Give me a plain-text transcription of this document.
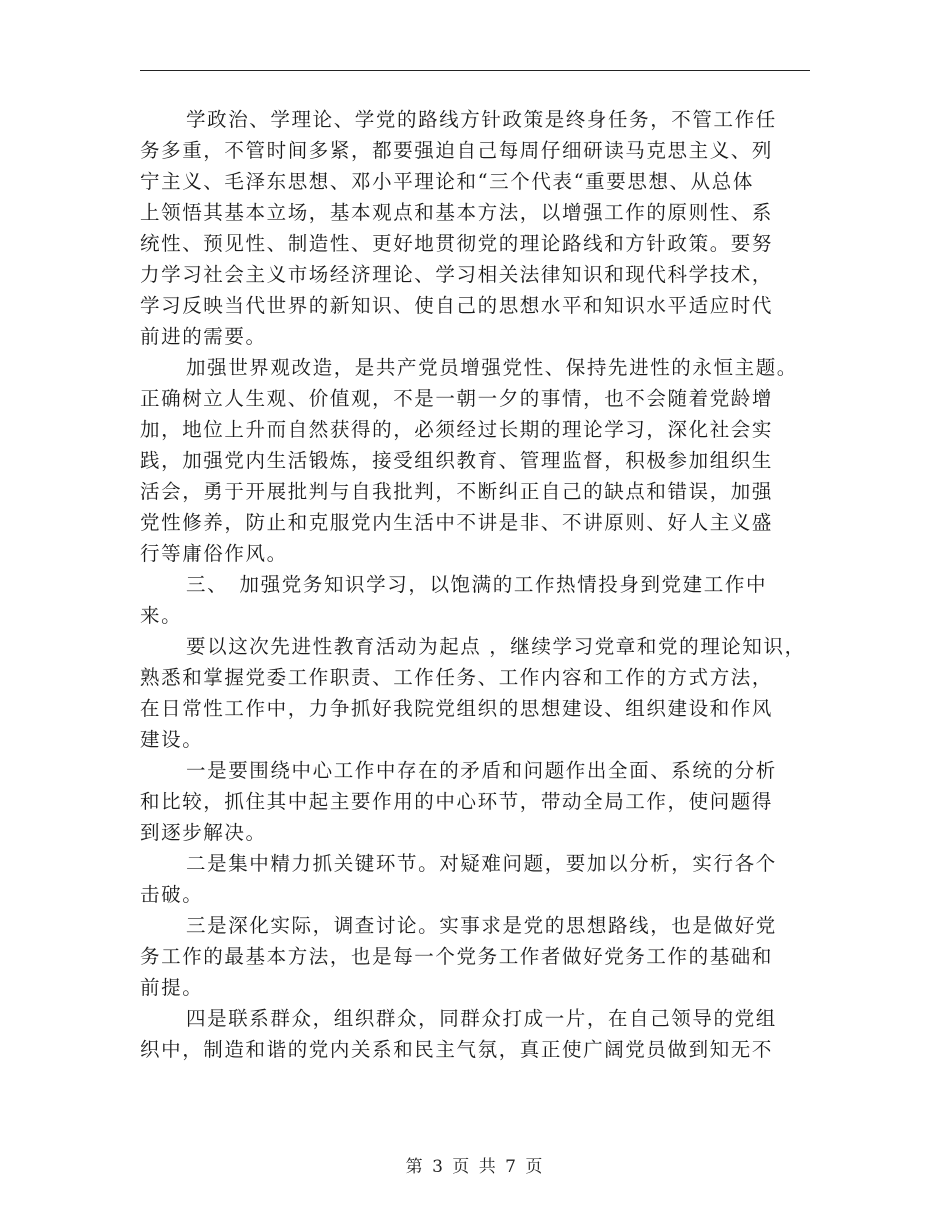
学政治、学理论、学党的路线方针政策是终身任务，不管工作任
务多重，不管时间多紧，都要强迫自己每周仔细研读马克思主义、列
宁主义、毛泽东思想、邓小平理论和“三个代表“重要思想、从总体
上领悟其基本立场，基本观点和基本方法，以增强工作的原则性、系
统性、预见性、制造性、更好地贯彻党的理论路线和方针政策。要努
力学习社会主义市场经济理论、学习相关法律知识和现代科学技术，
学习反映当代世界的新知识、使自己的思想水平和知识水平适应时代
前进的需要。
加强世界观改造，是共产党员增强党性、保持先进性的永恒主题。
正确树立人生观、价值观，不是一朝一夕的事情，也不会随着党龄增
加，地位上升而自然获得的，必须经过长期的理论学习，深化社会实
践，加强党内生活锻炼，接受组织教育、管理监督，积极参加组织生
活会，勇于开展批判与自我批判，不断纠正自己的缺点和错误，加强
党性修养，防止和克服党内生活中不讲是非、不讲原则、好人主义盛
行等庸俗作风。
三、　加强党务知识学习，以饱满的工作热情投身到党建工作中
来。
要以这次先进性教育活动为起点 ，继续学习党章和党的理论知识，
熟悉和掌握党委工作职责、工作任务、工作内容和工作的方式方法，
在日常性工作中，力争抓好我院党组织的思想建设、组织建设和作风
建设。
一是要围绕中心工作中存在的矛盾和问题作出全面、系统的分析
和比较，抓住其中起主要作用的中心环节，带动全局工作，使问题得
到逐步解决。
二是集中精力抓关键环节。对疑难问题，要加以分析，实行各个
击破。
三是深化实际，调查讨论。实事求是党的思想路线，也是做好党
务工作的最基本方法，也是每一个党务工作者做好党务工作的基础和
前提。
四是联系群众，组织群众，同群众打成一片，在自己领导的党组
织中，制造和谐的党内关系和民主气氛，真正使广阔党员做到知无不
第 3 页 共 7 页
